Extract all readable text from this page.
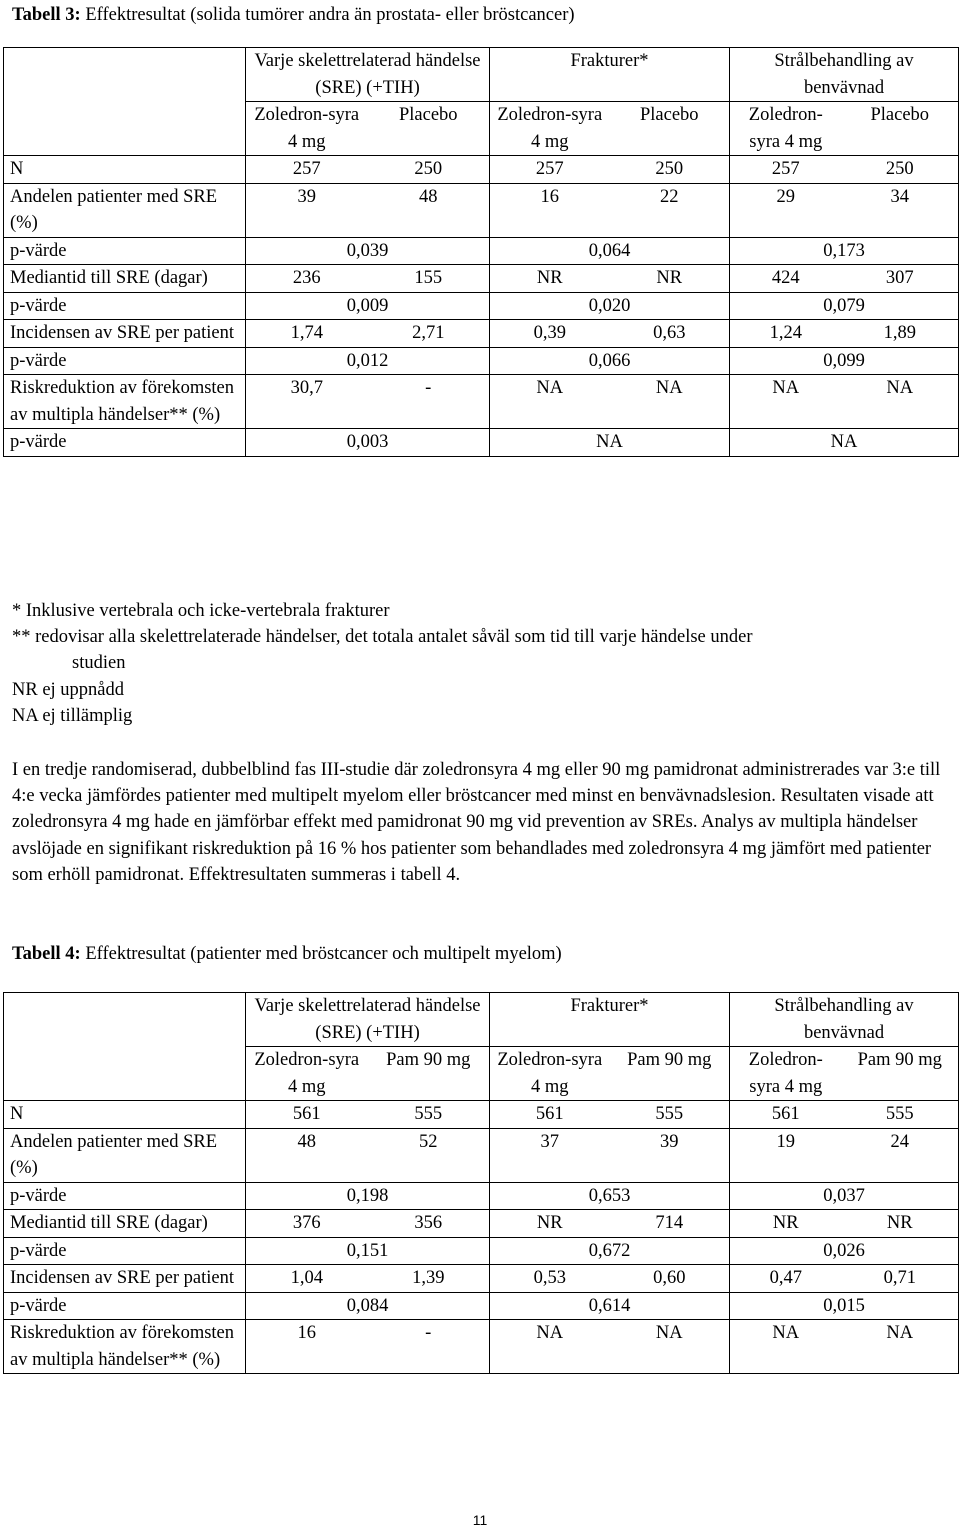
Tabell 3: Effektresultat (solida tumörer andra än prostata- eller bröstcancer)
	Varje skelettrelaterad händelse (SRE) (+TIH)		Frakturer*		Strålbehandling av benvävnad	
	Zoledron-syra 4 mg	Placebo	Zoledron-syra 4 mg	Placebo	Zoledron-syra 4 mg	Placebo
N	257	250	257	250	257	250
Andelen patienter med SRE (%)	39	48	16	22	29	34
p-värde	0,039		0,064		0,173	
Mediantid till SRE (dagar)	236	155	NR	NR	424	307
p-värde	0,009		0,020		0,079	
Incidensen av SRE per patient	1,74	2,71	0,39	0,63	1,24	1,89
p-värde	0,012		0,066		0,099	
Riskreduktion av förekomsten av multipla händelser** (%)	30,7	-	NA	NA	NA	NA
p-värde	0,003		NA		NA	
* Inklusive vertebrala och icke-vertebrala frakturer
** redovisar alla skelettrelaterade händelser, det totala antalet såväl som tid till varje händelse under
studien
NR ej uppnådd
NA ej tillämplig
I en tredje randomiserad, dubbelblind fas III-studie där zoledronsyra 4 mg eller 90 mg pamidronat administrerades var 3:e till 4:e vecka jämfördes patienter med multipelt myelom eller bröstcancer med minst en benvävnadslesion. Resultaten visade att zoledronsyra 4 mg hade en jämförbar effekt med pamidronat 90 mg vid prevention av SREs. Analys av multipla händelser avslöjade en signifikant riskreduktion på 16 % hos patienter som behandlades med zoledronsyra 4 mg jämfört med patienter som erhöll pamidronat. Effektresultaten summeras i tabell 4.
Tabell 4: Effektresultat (patienter med bröstcancer och multipelt myelom)
	Varje skelettrelaterad händelse (SRE) (+TIH)		Frakturer*		Strålbehandling av benvävnad	
	Zoledron-syra 4 mg	Pam 90 mg	Zoledron-syra 4 mg	Pam 90 mg	Zoledron-syra 4 mg	Pam 90 mg
N	561	555	561	555	561	555
Andelen patienter med SRE (%)	48	52	37	39	19	24
p-värde	0,198		0,653		0,037	
Mediantid till SRE (dagar)	376	356	NR	714	NR	NR
p-värde	0,151		0,672		0,026	
Incidensen av SRE per patient	1,04	1,39	0,53	0,60	0,47	0,71
p-värde	0,084		0,614		0,015	
Riskreduktion av förekomsten av multipla händelser** (%)	16	-	NA	NA	NA	NA
11
